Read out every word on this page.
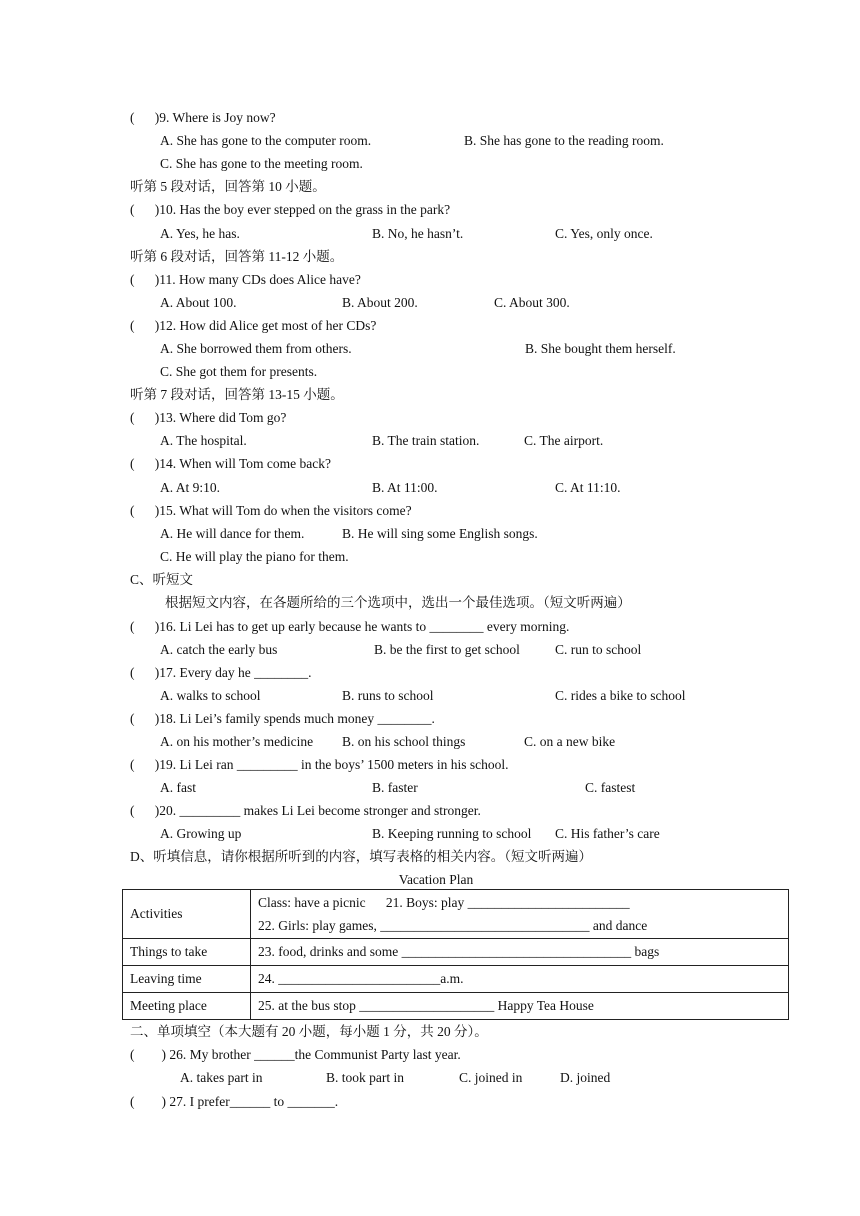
(      )9. Where is Joy now?
A. She has gone to the computer room.	B. She has gone to the reading room.
C. She has gone to the meeting room.
听第 5 段对话，回答第 10 小题。
(      )10. Has the boy ever stepped on the grass in the park?
A. Yes, he has.	B. No, he hasn’t.	C. Yes, only once.
听第 6 段对话，回答第 11-12 小题。
(      )11. How many CDs does Alice have?
A. About 100.	B. About 200.	C. About 300.
(      )12. How did Alice get most of her CDs?
A. She borrowed them from others.	B. She bought them herself.
C. She got them for presents.
听第 7 段对话，回答第 13-15 小题。
(      )13. Where did Tom go?
A. The hospital.	B. The train station.	C. The airport.
(      )14. When will Tom come back?
A. At 9:10.	B. At 11:00.	C. At 11:10.
(      )15. What will Tom do when the visitors come?
A. He will dance for them.	B. He will sing some English songs.
C. He will play the piano for them.
C、听短文
根据短文内容，在各题所给的三个选项中，选出一个最佳选项。（短文听两遍）
(      )16. Li Lei has to get up early because he wants to ________ every morning.
A. catch the early bus	B. be the first to get school	C. run to school
(      )17. Every day he ________.
A. walks to school	B. runs to school	C. rides a bike to school
(      )18. Li Lei’s family spends much money ________.
A. on his mother’s medicine B. on his school things	C. on a new bike
(      )19. Li Lei ran _________ in the boys’ 1500 meters in his school.
A. fast	B. faster	C. fastest
(      )20. _________ makes Li Lei become stronger and stronger.
A. Growing up	B. Keeping running to school C. His father’s care
D、听填信息，请你根据所听到的内容，填写表格的相关内容。（短文听两遍）
Vacation Plan
Activities	Class: have a picnic      21. Boys: play ________________________
22. Girls: play games, _______________________________ and dance

Things to take	23. food, drinks and some __________________________________ bags
Leaving time	24. ________________________a.m.
Meeting place	25. at the bus stop ____________________ Happy Tea House
二、单项填空（本大题有 20 小题，每小题 1 分，共 20 分）。
(        ) 26. My brother ______the Communist Party last year.
A. takes part in	B. took part in	C. joined in	D. joined
(        ) 27. I prefer______ to _______.
